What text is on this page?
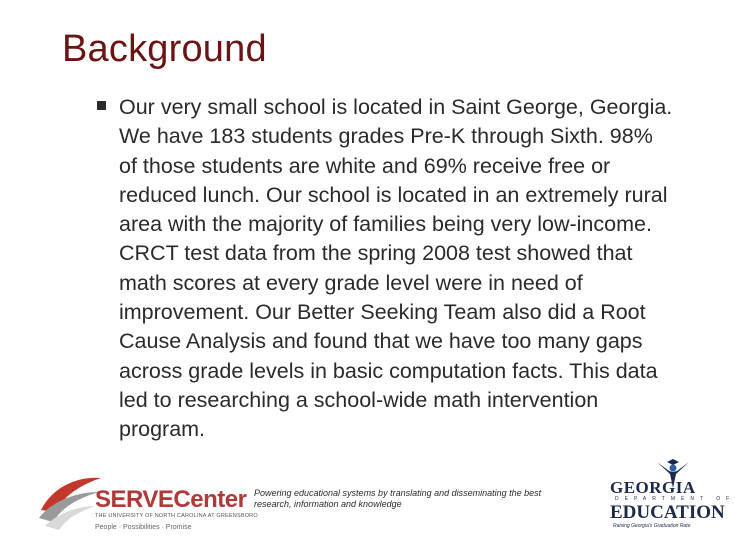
Background

Our very small school is located in Saint George, Georgia. We have 183 students grades Pre-K through Sixth. 98% of those students are white and 69% receive free or reduced lunch. Our school is located in an extremely rural area with the majority of families being very low-income. CRCT test data from the spring 2008 test showed that math scores at every grade level were in need of improvement. Our Better Seeking Team also did a Root Cause Analysis and found that we have too many gaps across grade levels in basic computation facts. This data led to researching a school-wide math intervention program.

SERVECenter
THE UNIVERSITY OF NORTH CAROLINA AT GREENSBORO
People · Possibilities · Promise

Powering educational systems by translating and disseminating the best research, information and knowledge

GEORGIA
DEPARTMENT OF
EDUCATION
Raising Georgia's Graduation Rate
